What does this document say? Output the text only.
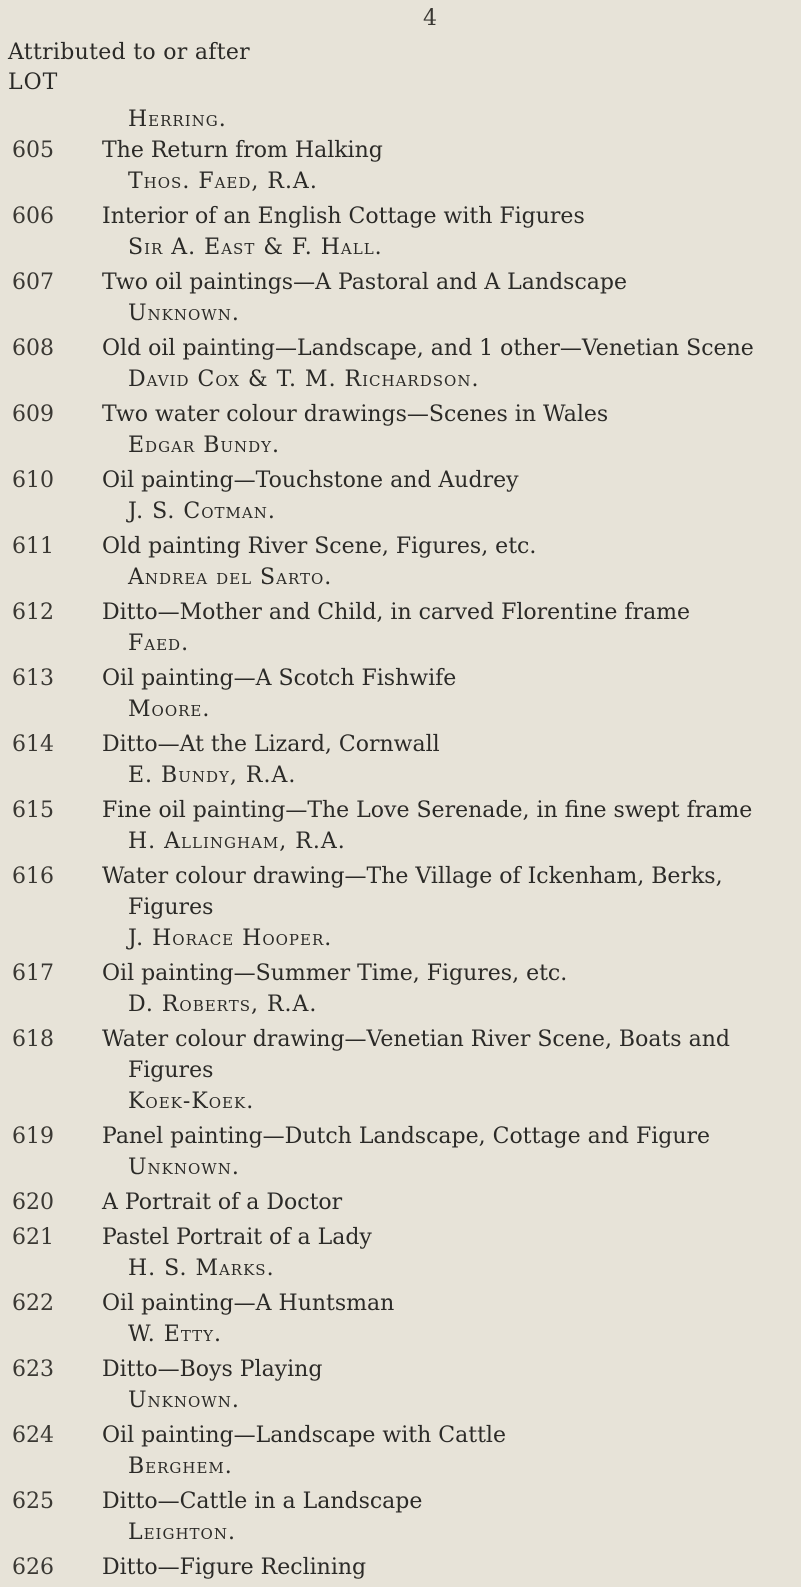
4
Attributed to or after
LOT
Herring.
605	The Return from Halking
Thos. Faed, R.A.
606	Interior of an English Cottage with Figures
Sir A. East & F. Hall.
607	Two oil paintings—A Pastoral and A Landscape
Unknown.
608	Old oil painting—Landscape, and 1 other—Venetian Scene
David Cox & T. M. Richardson.
609	Two water colour drawings—Scenes in Wales
Edgar Bundy.
610	Oil painting—Touchstone and Audrey
J. S. Cotman.
611	Old painting River Scene, Figures, etc.
Andrea del Sarto.
612	Ditto—Mother and Child, in carved Florentine frame
Faed.
613	Oil painting—A Scotch Fishwife
Moore.
614	Ditto—At the Lizard, Cornwall
E. Bundy, R.A.
615	Fine oil painting—The Love Serenade, in fine swept frame
H. Allingham, R.A.
616	Water colour drawing—The Village of Ickenham, Berks,
Figures
J. Horace Hooper.
617	Oil painting—Summer Time, Figures, etc.
D. Roberts, R.A.
618	Water colour drawing—Venetian River Scene, Boats and
Figures
Koek-Koek.
619	Panel painting—Dutch Landscape, Cottage and Figure
Unknown.
620	A Portrait of a Doctor
621	Pastel Portrait of a Lady
H. S. Marks.
622	Oil painting—A Huntsman
W. Etty.
623	Ditto—Boys Playing
Unknown.
624	Oil painting—Landscape with Cattle
Berghem.
625	Ditto—Cattle in a Landscape
Leighton.
626	Ditto—Figure Reclining
